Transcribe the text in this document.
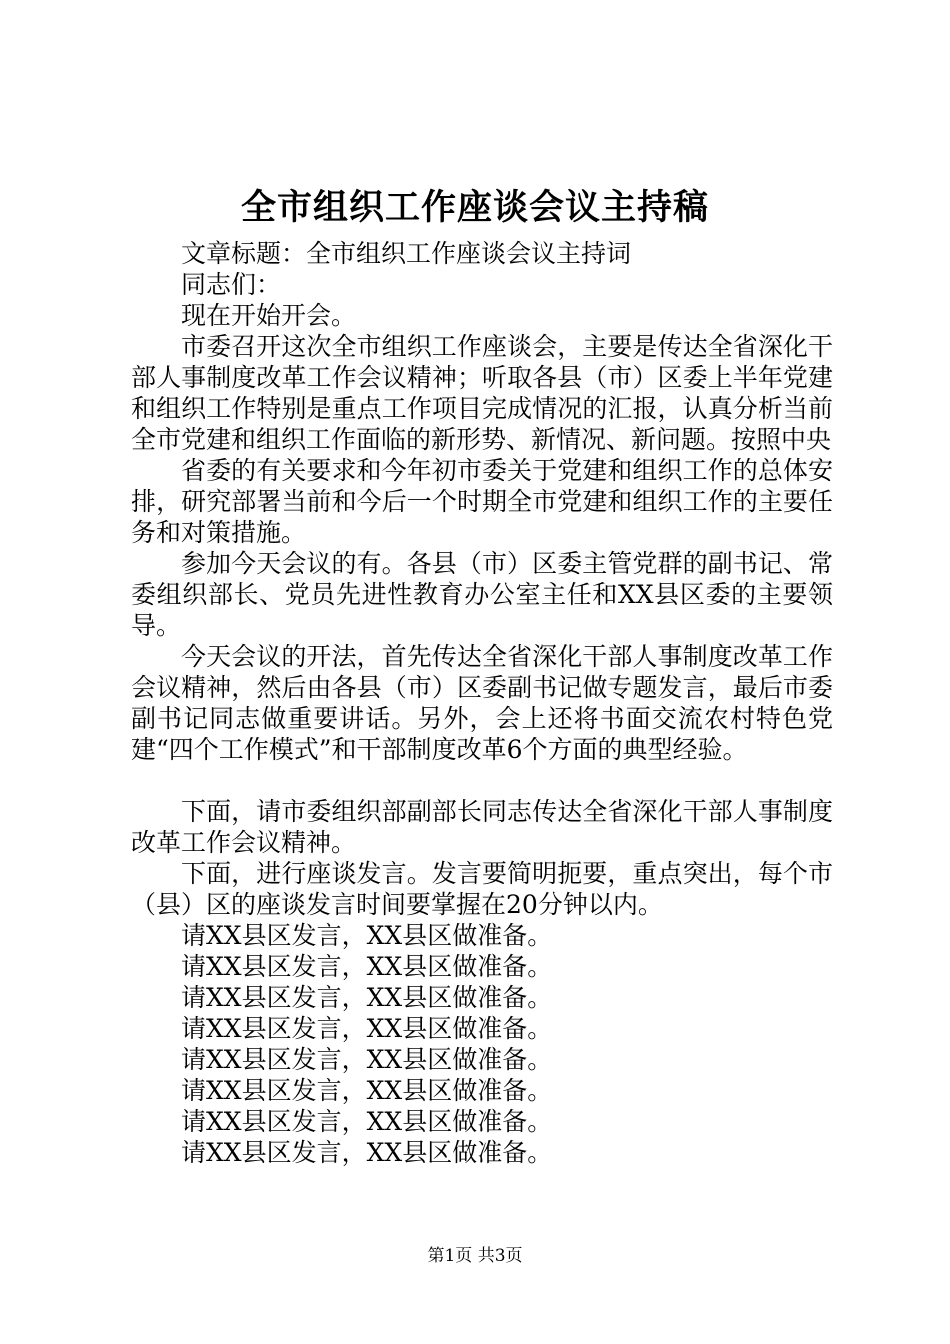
全市组织工作座谈会议主持稿

文章标题：全市组织工作座谈会议主持词

同志们：

现在开始开会。

市委召开这次全市组织工作座谈会，主要是传达全省深化干部人事制度改革工作会议精神；听取各县（市）区委上半年党建和组织工作特别是重点工作项目完成情况的汇报，认真分析当前全市党建和组织工作面临的新形势、新情况、新问题。按照中央

省委的有关要求和今年初市委关于党建和组织工作的总体安排，研究部署当前和今后一个时期全市党建和组织工作的主要任务和对策措施。

参加今天会议的有。各县（市）区委主管党群的副书记、常委组织部长、党员先进性教育办公室主任和XX县区委的主要领导。

今天会议的开法，首先传达全省深化干部人事制度改革工作会议精神，然后由各县（市）区委副书记做专题发言，最后市委副书记同志做重要讲话。另外，会上还将书面交流农村特色党建“四个工作模式”和干部制度改革6个方面的典型经验。

下面，请市委组织部副部长同志传达全省深化干部人事制度改革工作会议精神。

下面，进行座谈发言。发言要简明扼要，重点突出，每个市（县）区的座谈发言时间要掌握在20分钟以内。

请XX县区发言，XX县区做准备。

请XX县区发言，XX县区做准备。

请XX县区发言，XX县区做准备。

请XX县区发言，XX县区做准备。

请XX县区发言，XX县区做准备。

请XX县区发言，XX县区做准备。

请XX县区发言，XX县区做准备。

请XX县区发言，XX县区做准备。

第1页 共3页
